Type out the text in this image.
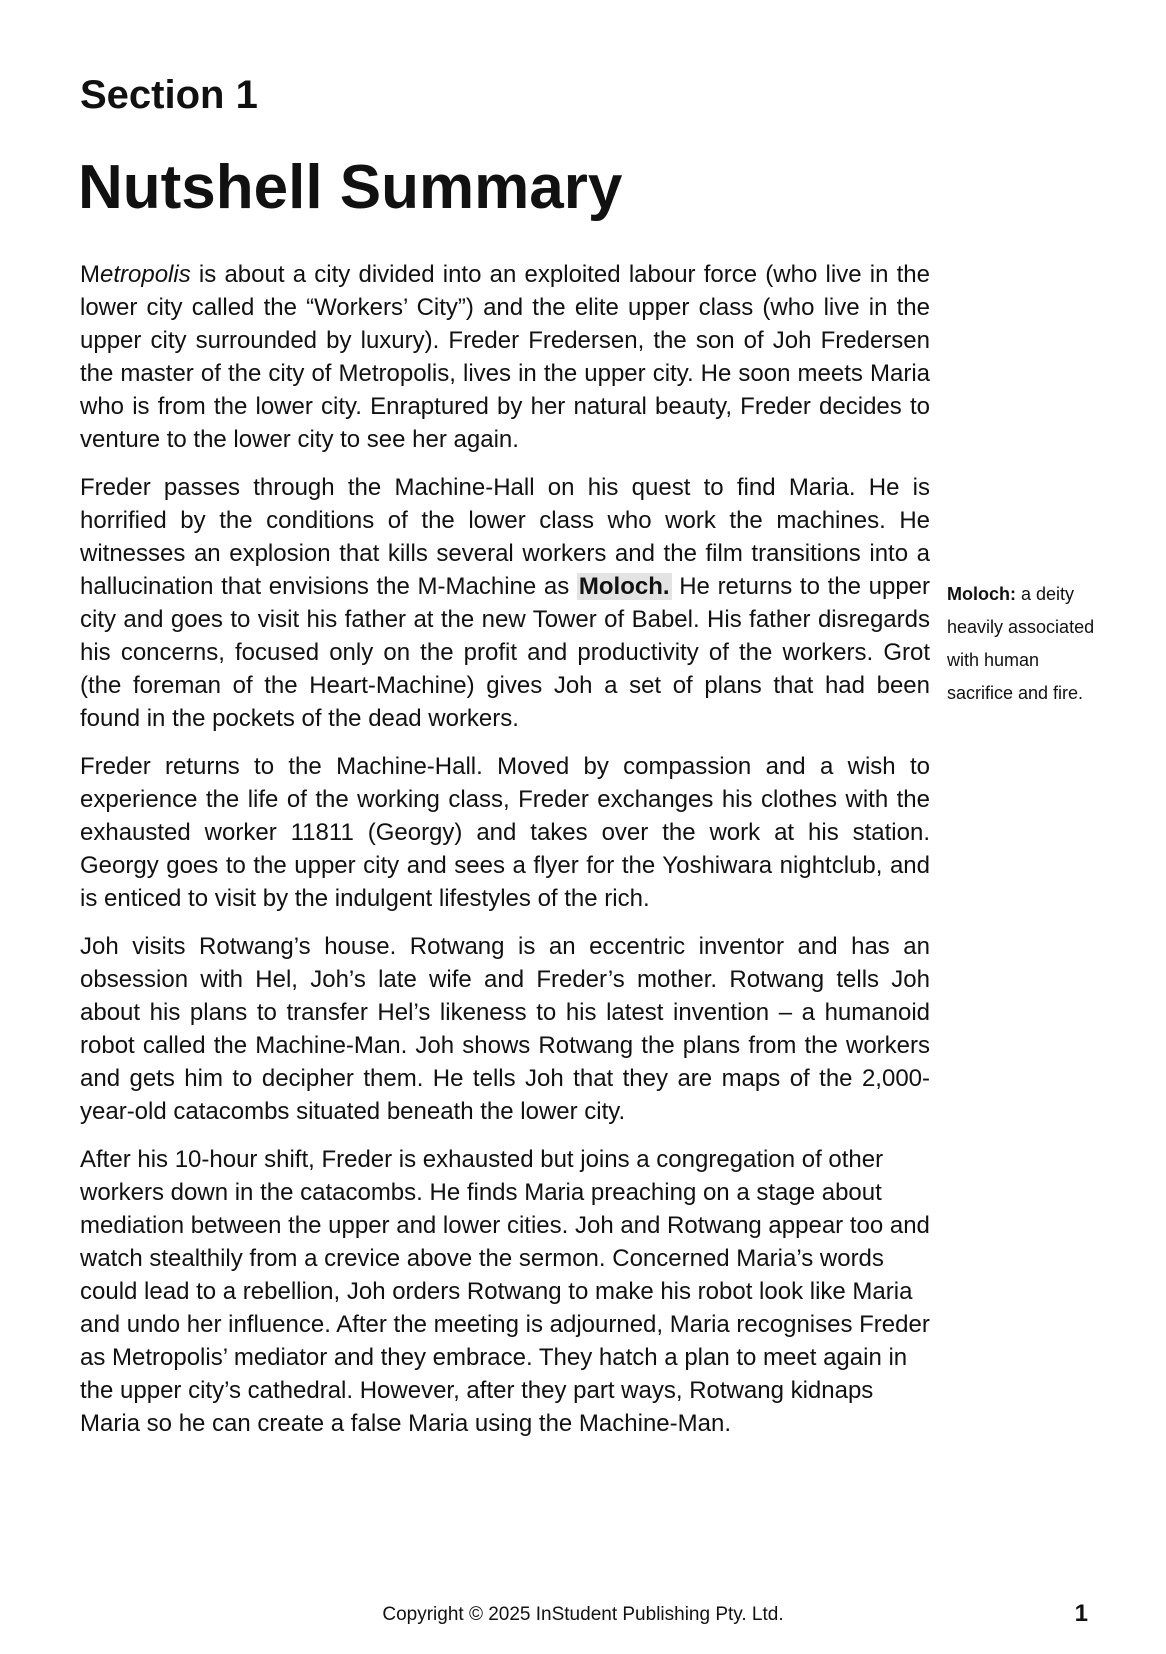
Section 1
Nutshell Summary

Metropolis is about a city divided into an exploited labour force (who live in the lower city called the “Workers’ City”) and the elite upper class (who live in the upper city surrounded by luxury). Freder Fredersen, the son of Joh Fredersen the master of the city of Metropolis, lives in the upper city. He soon meets Maria who is from the lower city. Enraptured by her natural beauty, Freder decides to venture to the lower city to see her again.

Freder passes through the Machine-Hall on his quest to find Maria. He is horrified by the conditions of the lower class who work the machines. He witnesses an explosion that kills several workers and the film transitions into a hallucination that envisions the M-Machine as Moloch. He returns to the upper city and goes to visit his father at the new Tower of Babel. His father disregards his concerns, focused only on the profit and productivity of the workers. Grot (the foreman of the Heart-Machine) gives Joh a set of plans that had been found in the pockets of the dead workers.

Freder returns to the Machine-Hall. Moved by compassion and a wish to experience the life of the working class, Freder exchanges his clothes with the exhausted worker 11811 (Georgy) and takes over the work at his station. Georgy goes to the upper city and sees a flyer for the Yoshiwara nightclub, and is enticed to visit by the indulgent lifestyles of the rich.

Joh visits Rotwang’s house. Rotwang is an eccentric inventor and has an obsession with Hel, Joh’s late wife and Freder’s mother. Rotwang tells Joh about his plans to transfer Hel’s likeness to his latest invention – a humanoid robot called the Machine-Man. Joh shows Rotwang the plans from the workers and gets him to decipher them. He tells Joh that they are maps of the 2,000-year-old catacombs situated beneath the lower city.

After his 10-hour shift, Freder is exhausted but joins a congregation of other workers down in the catacombs. He finds Maria preaching on a stage about mediation between the upper and lower cities. Joh and Rotwang appear too and watch stealthily from a crevice above the sermon. Concerned Maria’s words could lead to a rebellion, Joh orders Rotwang to make his robot look like Maria and undo her influence. After the meeting is adjourned, Maria recognises Freder as Metropolis’ mediator and they embrace. They hatch a plan to meet again in the upper city’s cathedral. However, after they part ways, Rotwang kidnaps Maria so he can create a false Maria using the Machine-Man.

Moloch: a deity heavily associated with human sacrifice and fire.
Copyright © 2025 InStudent Publishing Pty. Ltd.	1
